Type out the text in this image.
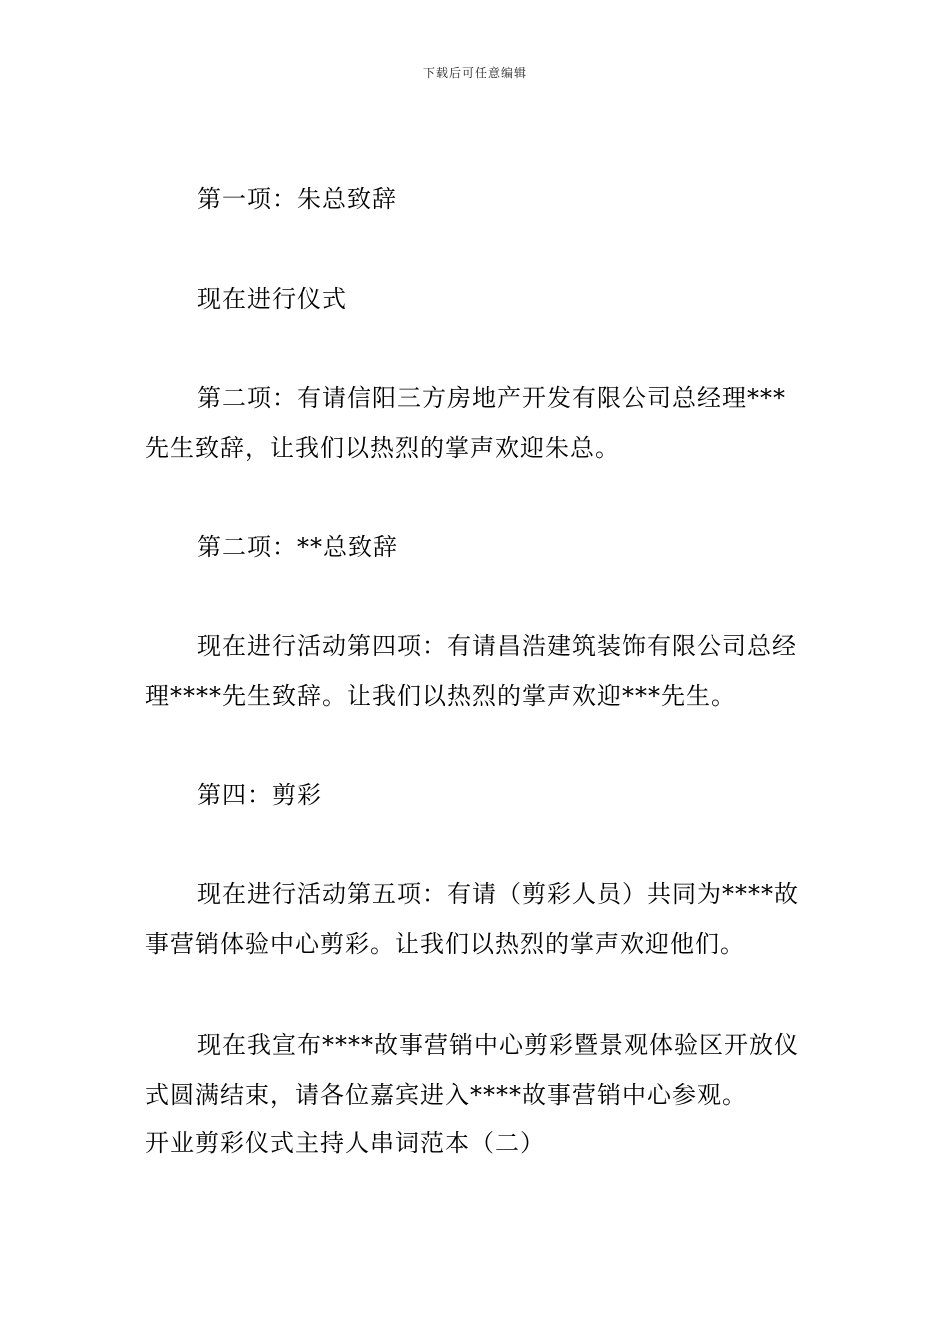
下载后可任意编辑
第一项：朱总致辞
现在进行仪式
第二项：有请信阳三方房地产开发有限公司总经理***先生致辞，让我们以热烈的掌声欢迎朱总。
第二项：**总致辞
现在进行活动第四项：有请昌浩建筑装饰有限公司总经理****先生致辞。让我们以热烈的掌声欢迎***先生。
第四：剪彩
现在进行活动第五项：有请（剪彩人员）共同为****故事营销体验中心剪彩。让我们以热烈的掌声欢迎他们。
现在我宣布****故事营销中心剪彩暨景观体验区开放仪式圆满结束，请各位嘉宾进入****故事营销中心参观。
开业剪彩仪式主持人串词范本（二）
